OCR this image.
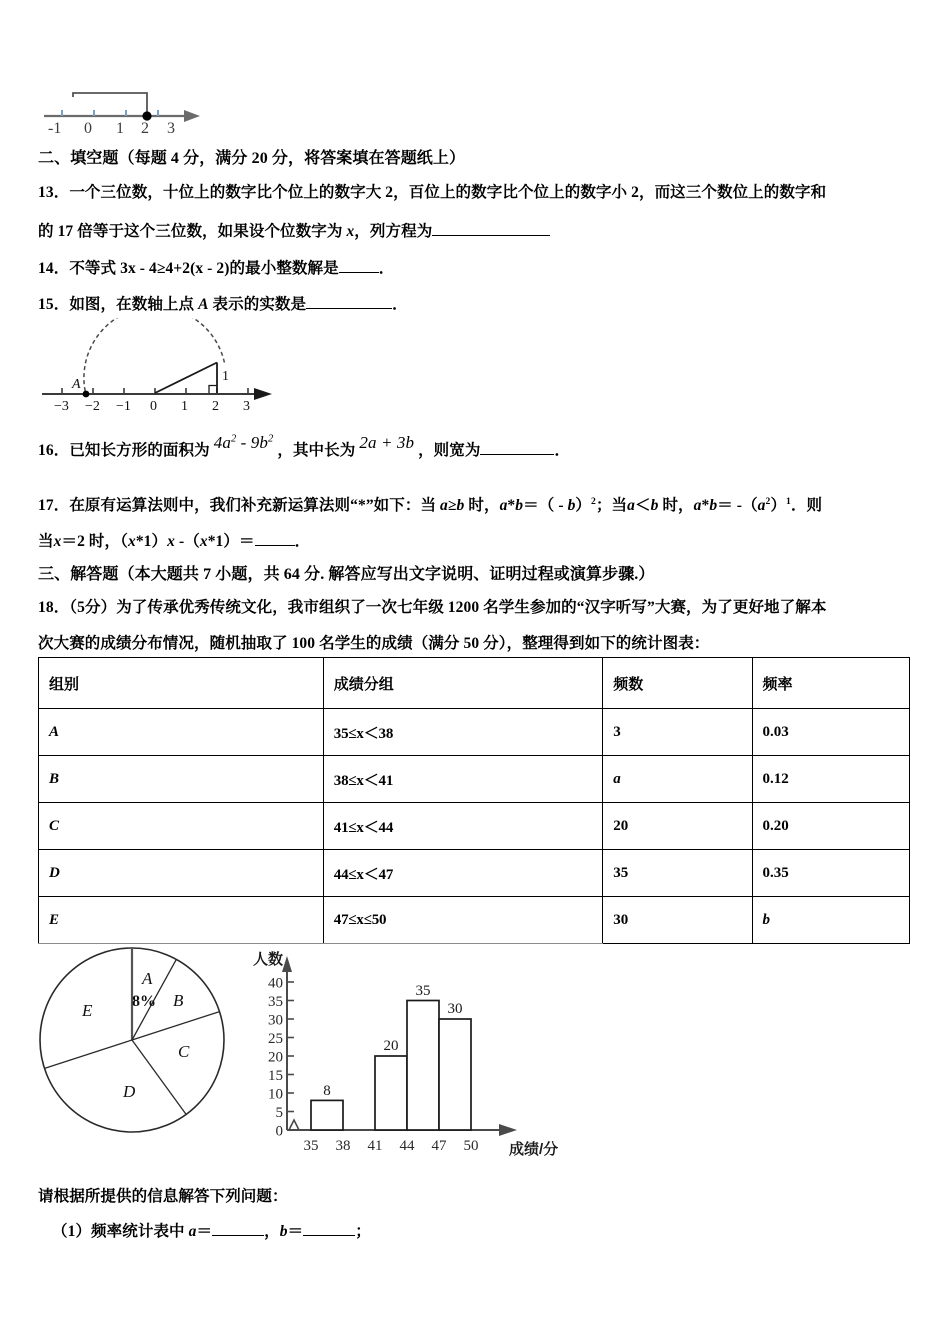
-1 0 1 2 3
二、填空题（每题 4 分，满分 20 分，将答案填在答题纸上）
13．一个三位数，十位上的数字比个位上的数字大 2，百位上的数字比个位上的数字小 2，而这三个数位上的数字和
的 17 倍等于这个三位数，如果设个位数字为 x，列方程为
14．不等式 3x - 4≥4+2(x - 2)的最小整数解是	．
15．如图，在数轴上点 A 表示的实数是	．
A
1
−3 −2 −1 0 1 2 3
16．已知长方形的面积为 $4a^2 - 9b^2$，其中长为 2a + 3b ，则宽为	．
17．在原有运算法则中，我们补充新运算法则“*”如下：当 a≥b 时，a*b＝（ - b）$^2$；当a＜b 时，$a*b= -(a^2)^1$．则
当x＝2 时，（x*1）x -（x*1）＝	．
三、解答题（本大题共 7 小题，共 64 分. 解答应写出文字说明、证明过程或演算步骤.）
18．（5分）为了传承优秀传统文化，我市组织了一次七年级 1200 名学生参加的“汉字听写”大赛，为了更好地了解本
次大赛的成绩分布情况，随机抽取了 100 名学生的成绩（满分 50 分），整理得到如下的统计图表：
组别	成绩分组	频数	频率
A	35≤x＜38	3	0.03
B	38≤x＜41	a	0.12
C	41≤x＜44	20	0.20
D	44≤x＜47	35	0.35
E	47≤x≤50	30	b
A
8% B
C
D
E
0
5
10
15
20
25
30
35
40
8
20
35
30
35 38 41 44 47 50
人数
成绩/分
请根据所提供的信息解答下列问题：
（1）频率统计表中 a＝	，b＝	；
